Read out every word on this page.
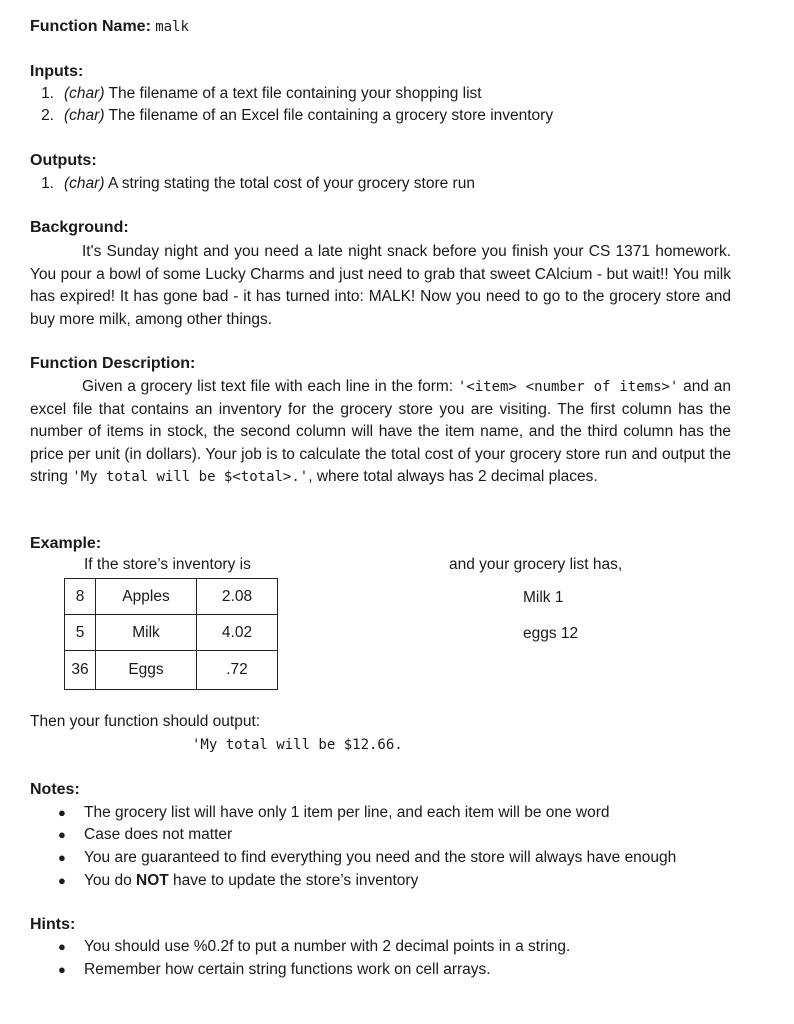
Function Name: malk
Inputs:
1. (char) The filename of a text file containing your shopping list
2. (char) The filename of an Excel file containing a grocery store inventory
Outputs:
1. (char) A string stating the total cost of your grocery store run
Background:
It's Sunday night and you need a late night snack before you finish your CS 1371 homework. You pour a bowl of some Lucky Charms and just need to grab that sweet CAlcium - but wait!! You milk has expired! It has gone bad - it has turned into: MALK! Now you need to go to the grocery store and buy more milk, among other things.
Function Description:
Given a grocery list text file with each line in the form: '<item> <number of items>' and an excel file that contains an inventory for the grocery store you are visiting. The first column has the number of items in stock, the second column will have the item name, and the third column has the price per unit (in dollars). Your job is to calculate the total cost of your grocery store run and output the string 'My total will be $<total>.', where total always has 2 decimal places.
Example:
If the store’s inventory is	and your grocery list has,
8	Apples	2.08
5	Milk	4.02
36	Eggs	.72
Milk 1
eggs 12
Then your function should output:
'My total will be $12.66.
Notes:
● The grocery list will have only 1 item per line, and each item will be one word
● Case does not matter
● You are guaranteed to find everything you need and the store will always have enough
● You do NOT have to update the store’s inventory
Hints:
● You should use %0.2f to put a number with 2 decimal points in a string.
● Remember how certain string functions work on cell arrays.
